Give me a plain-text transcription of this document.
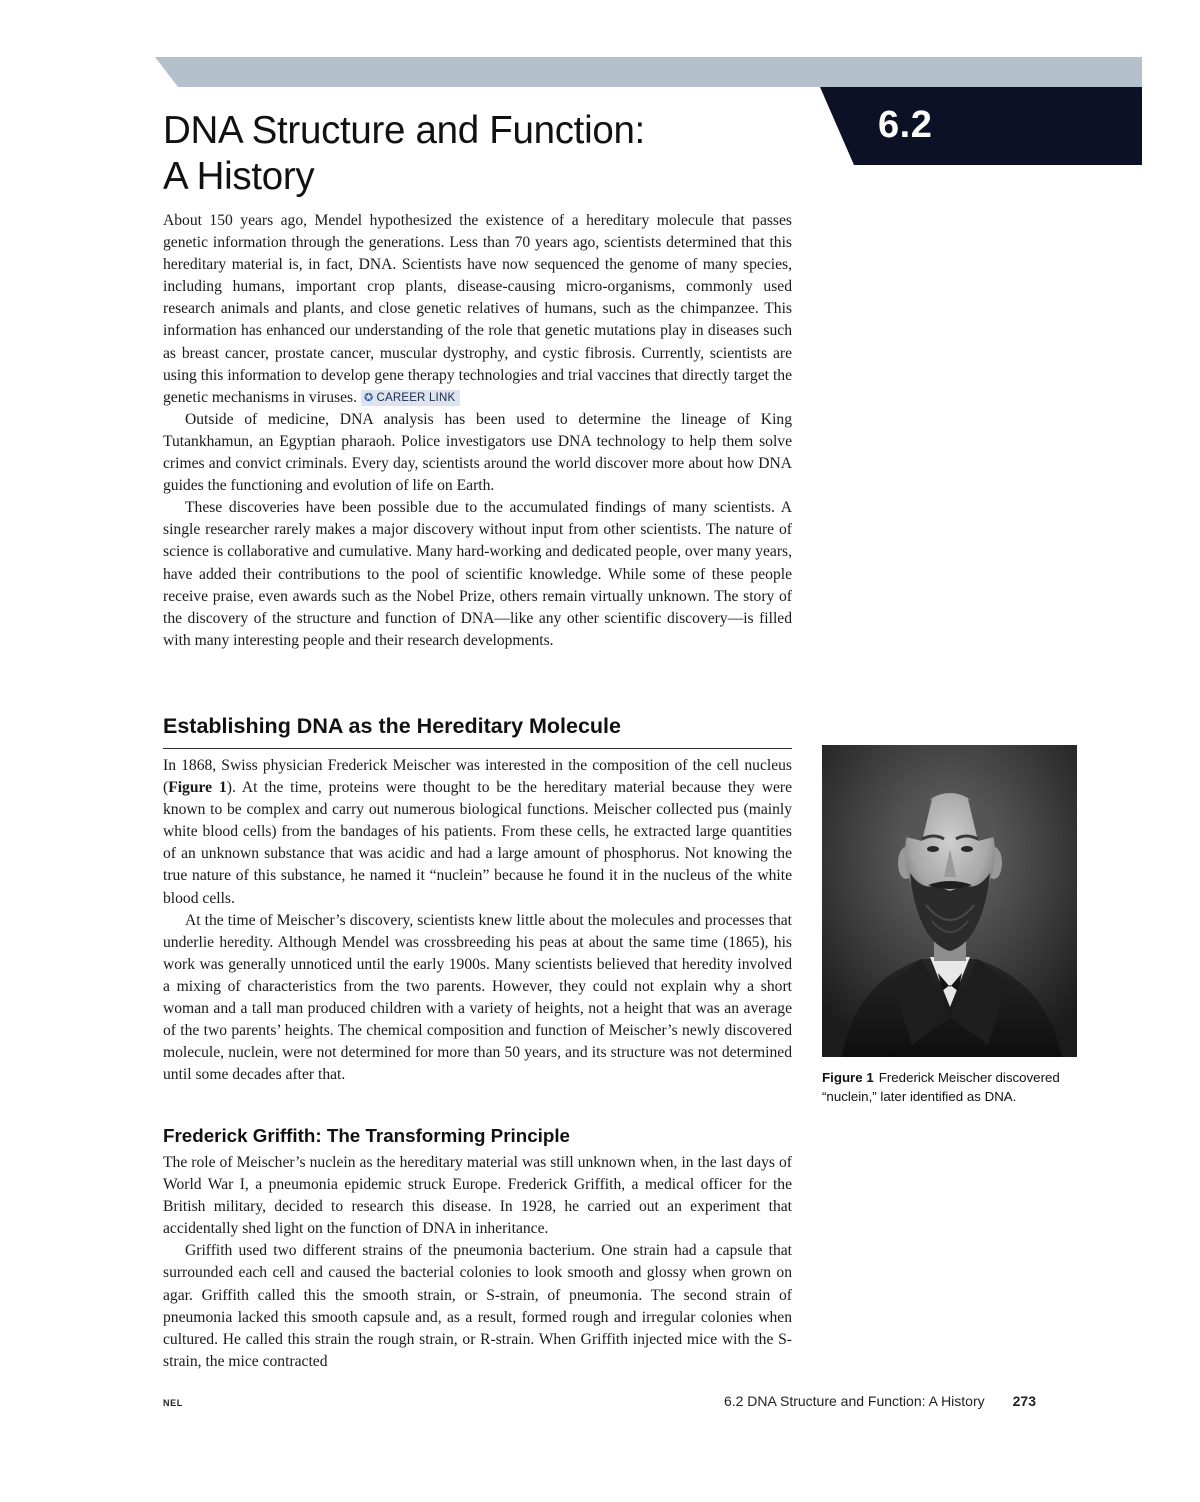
6.2
DNA Structure and Function:
A History

About 150 years ago, Mendel hypothesized the existence of a hereditary molecule that passes genetic information through the generations. Less than 70 years ago, scientists determined that this hereditary material is, in fact, DNA. Scientists have now sequenced the genome of many species, including humans, important crop plants, disease-causing micro-organisms, commonly used research animals and plants, and close genetic relatives of humans, such as the chimpanzee. This information has enhanced our understanding of the role that genetic mutations play in diseases such as breast cancer, prostate cancer, muscular dystrophy, and cystic fibrosis. Currently, scientists are using this information to develop gene therapy technologies and trial vaccines that directly target the genetic mechanisms in viruses. ✪ CAREER LINK

Outside of medicine, DNA analysis has been used to determine the lineage of King Tutankhamun, an Egyptian pharaoh. Police investigators use DNA technology to help them solve crimes and convict criminals. Every day, scientists around the world discover more about how DNA guides the functioning and evolution of life on Earth.

These discoveries have been possible due to the accumulated findings of many scientists. A single researcher rarely makes a major discovery without input from other scientists. The nature of science is collaborative and cumulative. Many hard-working and dedicated people, over many years, have added their contributions to the pool of scientific knowledge. While some of these people receive praise, even awards such as the Nobel Prize, others remain virtually unknown. The story of the discovery of the structure and function of DNA—like any other scientific discovery—is filled with many interesting people and their research developments.

Establishing DNA as the Hereditary Molecule

In 1868, Swiss physician Frederick Meischer was interested in the composition of the cell nucleus (Figure 1). At the time, proteins were thought to be the hereditary material because they were known to be complex and carry out numerous biological functions. Meischer collected pus (mainly white blood cells) from the bandages of his patients. From these cells, he extracted large quantities of an unknown substance that was acidic and had a large amount of phosphorus. Not knowing the true nature of this substance, he named it “nuclein” because he found it in the nucleus of the white blood cells.

At the time of Meischer’s discovery, scientists knew little about the molecules and processes that underlie heredity. Although Mendel was crossbreeding his peas at about the same time (1865), his work was generally unnoticed until the early 1900s. Many scientists believed that heredity involved a mixing of characteristics from the two parents. However, they could not explain why a short woman and a tall man produced children with a variety of heights, not a height that was an average of the two parents’ heights. The chemical composition and function of Meischer’s newly discovered molecule, nuclein, were not determined for more than 50 years, and its structure was not determined until some decades after that.

Frederick Griffith: The Transforming Principle

The role of Meischer’s nuclein as the hereditary material was still unknown when, in the last days of World War I, a pneumonia epidemic struck Europe. Frederick Griffith, a medical officer for the British military, decided to research this disease. In 1928, he carried out an experiment that accidentally shed light on the function of DNA in inheritance.

Griffith used two different strains of the pneumonia bacterium. One strain had a capsule that surrounded each cell and caused the bacterial colonies to look smooth and glossy when grown on agar. Griffith called this the smooth strain, or S-strain, of pneumonia. The second strain of pneumonia lacked this smooth capsule and, as a result, formed rough and irregular colonies when cultured. He called this strain the rough strain, or R-strain. When Griffith injected mice with the S-strain, the mice contracted

Figure 1 Frederick Meischer discovered “nuclein,” later identified as DNA.
NEL	6.2 DNA Structure and Function: A History 273
